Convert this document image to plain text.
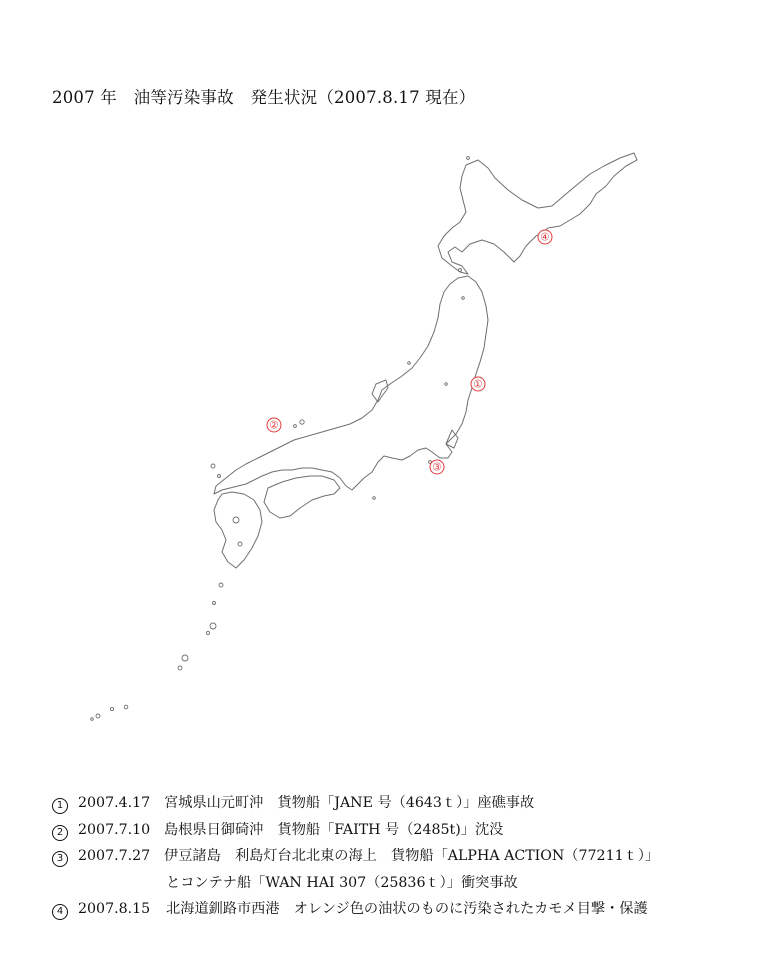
2007 年　油等汚染事故　発生状況（2007.8.17 現在）
①
②
③
④
1	2007.4.17 宮城県山元町沖　貨物船「JANE 号（4643ｔ）」座礁事故
2	2007.7.10 島根県日御碕沖　貨物船「FAITH 号（2485t)」沈没
3	2007.7.27 伊豆諸島　利島灯台北北東の海上　貨物船「ALPHA ACTION（77211ｔ）」
とコンテナ船「WAN HAI 307（25836ｔ）」衝突事故
4	2007.8.15	北海道釧路市西港　オレンジ色の油状のものに汚染されたカモメ目撃・保護
